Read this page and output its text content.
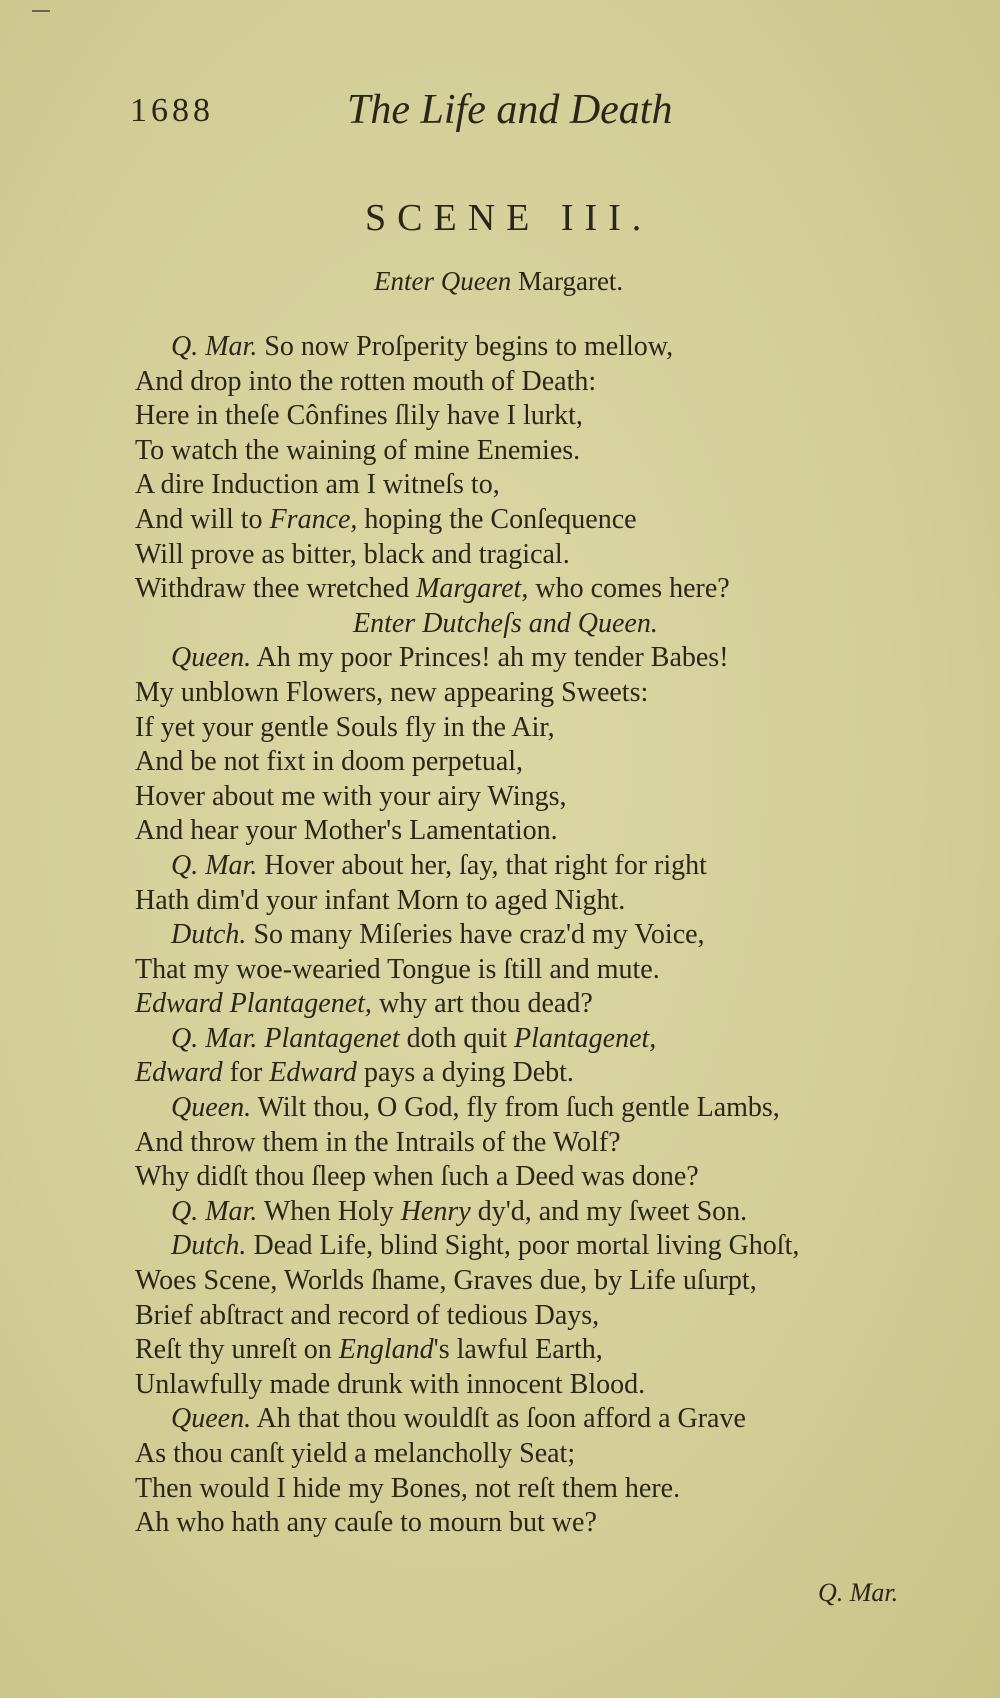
1688	The Life and Death
SCENE III.
Enter Queen Margaret.
Q. Mar. So now Proſperity begins to mellow,
And drop into the rotten mouth of Death:
Here in theſe Cônfines ſlily have I lurkt,
To watch the waining of mine Enemies.
A dire Induction am I witneſs to,
And will to France, hoping the Conſequence
Will prove as bitter, black and tragical.
Withdraw thee wretched Margaret, who comes here?
Enter Dutcheſs and Queen.
Queen. Ah my poor Princes! ah my tender Babes!
My unblown Flowers, new appearing Sweets:
If yet your gentle Souls fly in the Air,
And be not fixt in doom perpetual,
Hover about me with your airy Wings,
And hear your Mother's Lamentation.
Q. Mar. Hover about her, ſay, that right for right
Hath dim'd your infant Morn to aged Night.
Dutch. So many Miſeries have craz'd my Voice,
That my woe-wearied Tongue is ſtill and mute.
Edward Plantagenet, why art thou dead?
Q. Mar. Plantagenet doth quit Plantagenet,
Edward for Edward pays a dying Debt.
Queen. Wilt thou, O God, fly from ſuch gentle Lambs,
And throw them in the Intrails of the Wolf?
Why didſt thou ſleep when ſuch a Deed was done?
Q. Mar. When Holy Henry dy'd, and my ſweet Son.
Dutch. Dead Life, blind Sight, poor mortal living Ghoſt,
Woes Scene, Worlds ſhame, Graves due, by Life uſurpt,
Brief abſtract and record of tedious Days,
Reſt thy unreſt on England's lawful Earth,
Unlawfully made drunk with innocent Blood.
Queen. Ah that thou wouldſt as ſoon afford a Grave
As thou canſt yield a melancholly Seat;
Then would I hide my Bones, not reſt them here.
Ah who hath any cauſe to mourn but we?
Q. Mar.
